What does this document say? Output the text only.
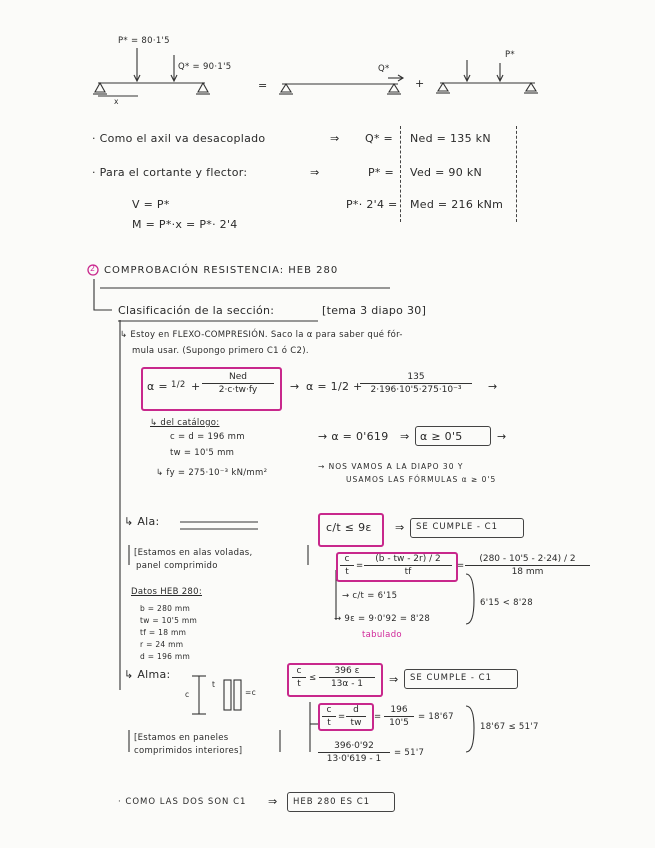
P* = 80·1'5
Q* = 90·1'5
x
=
Q*
+
P*
· Como el axil va desacoplado	⇒ Q* = Ned = 135 kN
· Para el cortante y flector:	⇒	P* = Ved = 90 kN
V = P*
M = P*·x = P*· 2'4
P*· 2'4 = Med = 216 kNm
2 COMPROBACIÓN RESISTENCIA: HEB 280
Clasificación de la sección:	[tema 3 diapo 30]
↳ Estoy en FLEXO-COMPRESIÓN. Saco la α para saber qué fór-
mula usar. (Supongo primero C1 ó C2).
α = 1/2 +
Ned
2·c·tw·fy	→ α = 1/2 +
$\frac{135}{\text{2·196·10'5·275·10⁻³}}$ →
↳ del catálogo:
c = d = 196 mm
tw = 10'5 mm
↳ fy = 275·10⁻³ kN/mm²
→ α = 0'619 ⇒ α ≥ 0'5	→
→ NOS VAMOS A LA DIAPO 30 Y
USAMOS LAS FÓRMULAS α ≥ 0'5
↳ Ala:
[Estamos en alas voladas,
panel comprimido
c/t ≤ 9ε ⇒ SE CUMPLE - C1
$\frac{c}{t} = \frac{(b - tw - 2r) / 2}{tf} = \frac{(280 - 10'5 - 2\cdot 24) / 2}{18 mm}$
→ c/t = 6'15
→ 9ε = 9·0'92 = 8'28
tabulado
6'15 < 8'28
Datos HEB 280:
b = 280 mm
tw = 10'5 mm
tf = 18 mm
r = 24 mm
d = 196 mm
↳ Alma:
c
t
=c
$\frac{c}{t} \le \frac{396 \varepsilon}{13\alpha - 1}$ ⇒ SE CUMPLE - C1
$\frac{c}{t} = \frac{d}{tw} = \frac{196}{10'5} = 18'67$
$\frac{396\cdot 0'92}{13\cdot 0'619 - 1} = 51'7$
18'67 ≤ 51'7
[Estamos en paneles
comprimidos interiores]
· COMO LAS DOS SON C1 ⇒ HEB 280 ES C1
